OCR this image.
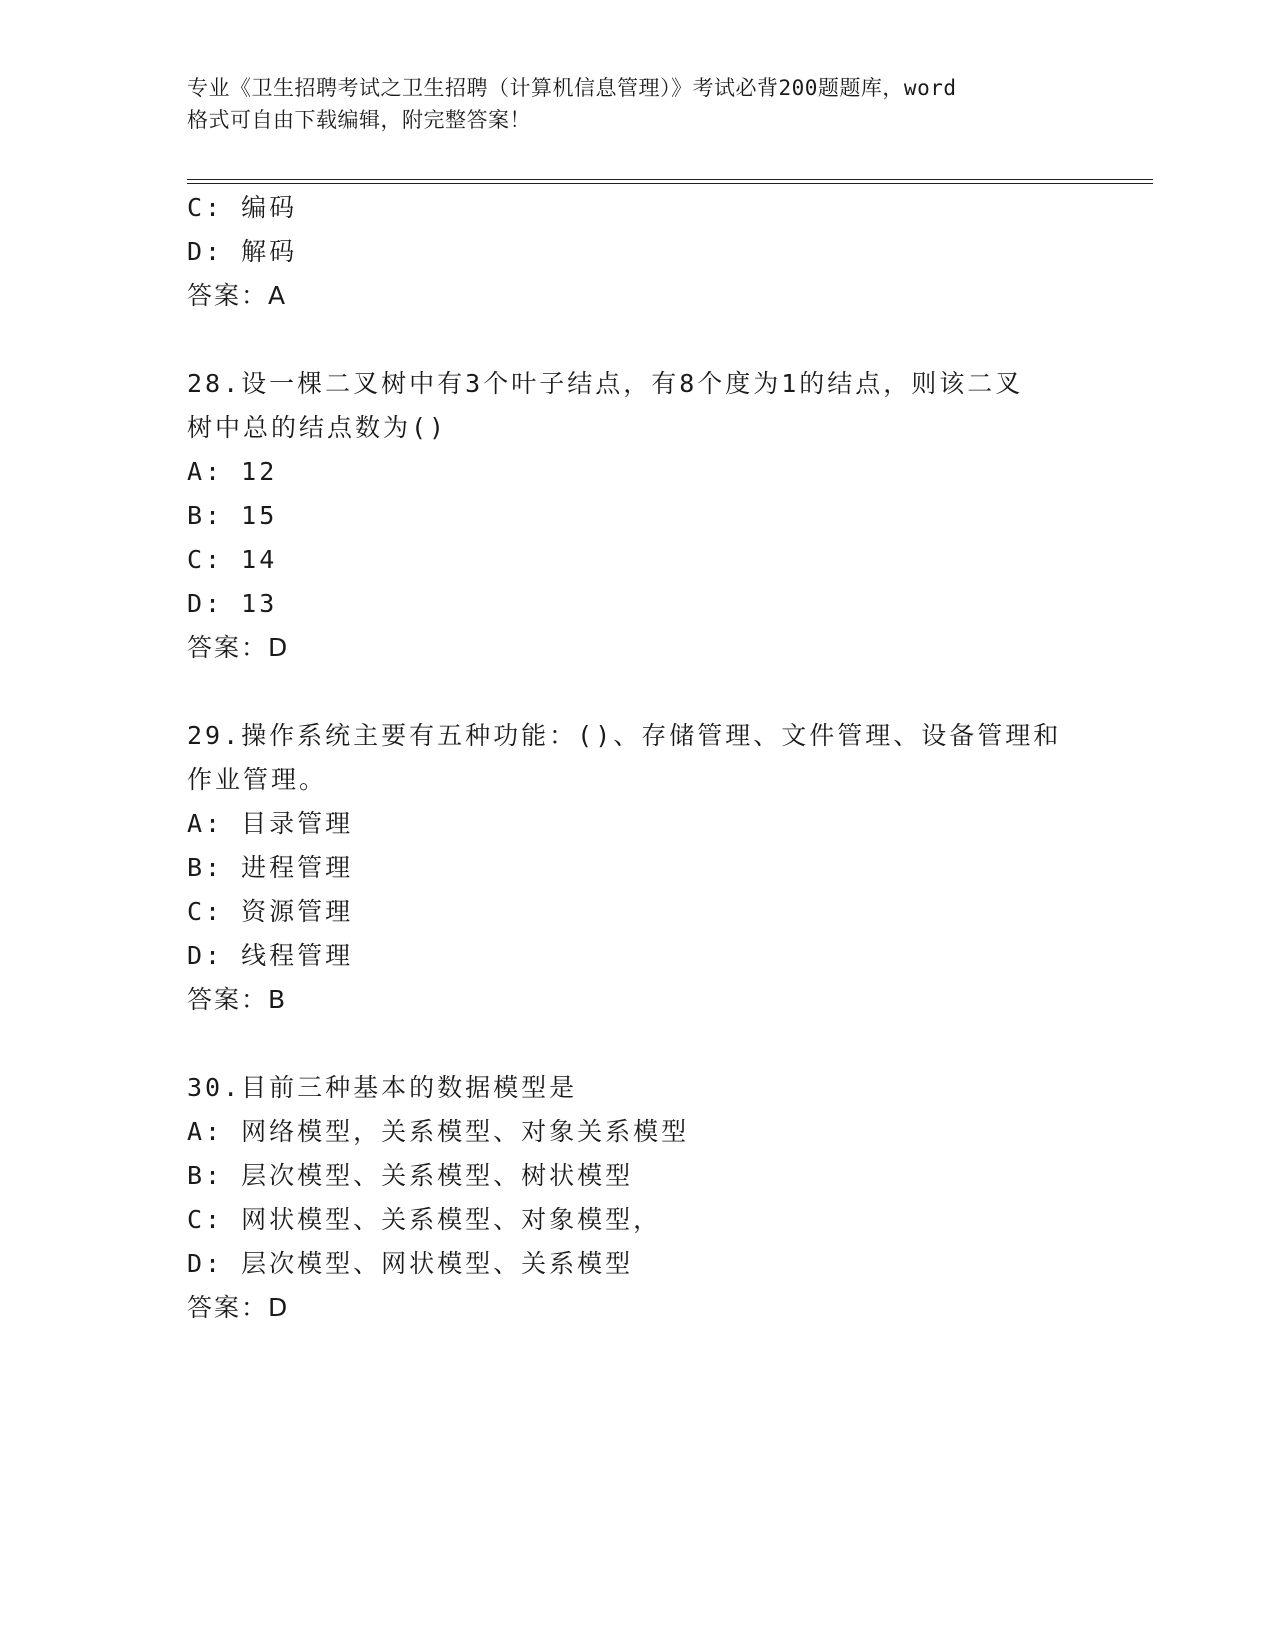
专业《卫生招聘考试之卫生招聘（计算机信息管理）》考试必背200题题库，word
格式可自由下载编辑，附完整答案！
C: 编码
D: 解码
答案：A
28.设一棵二叉树中有3个叶子结点，有8个度为1的结点，则该二叉
树中总的结点数为()
A: 12
B: 15
C: 14
D: 13
答案：D
29.操作系统主要有五种功能：()、存储管理、文件管理、设备管理和
作业管理。
A: 目录管理
B: 进程管理
C: 资源管理
D: 线程管理
答案：B
30.目前三种基本的数据模型是
A: 网络模型，关系模型、对象关系模型
B: 层次模型、关系模型、树状模型
C: 网状模型、关系模型、对象模型，
D: 层次模型、网状模型、关系模型
答案：D
